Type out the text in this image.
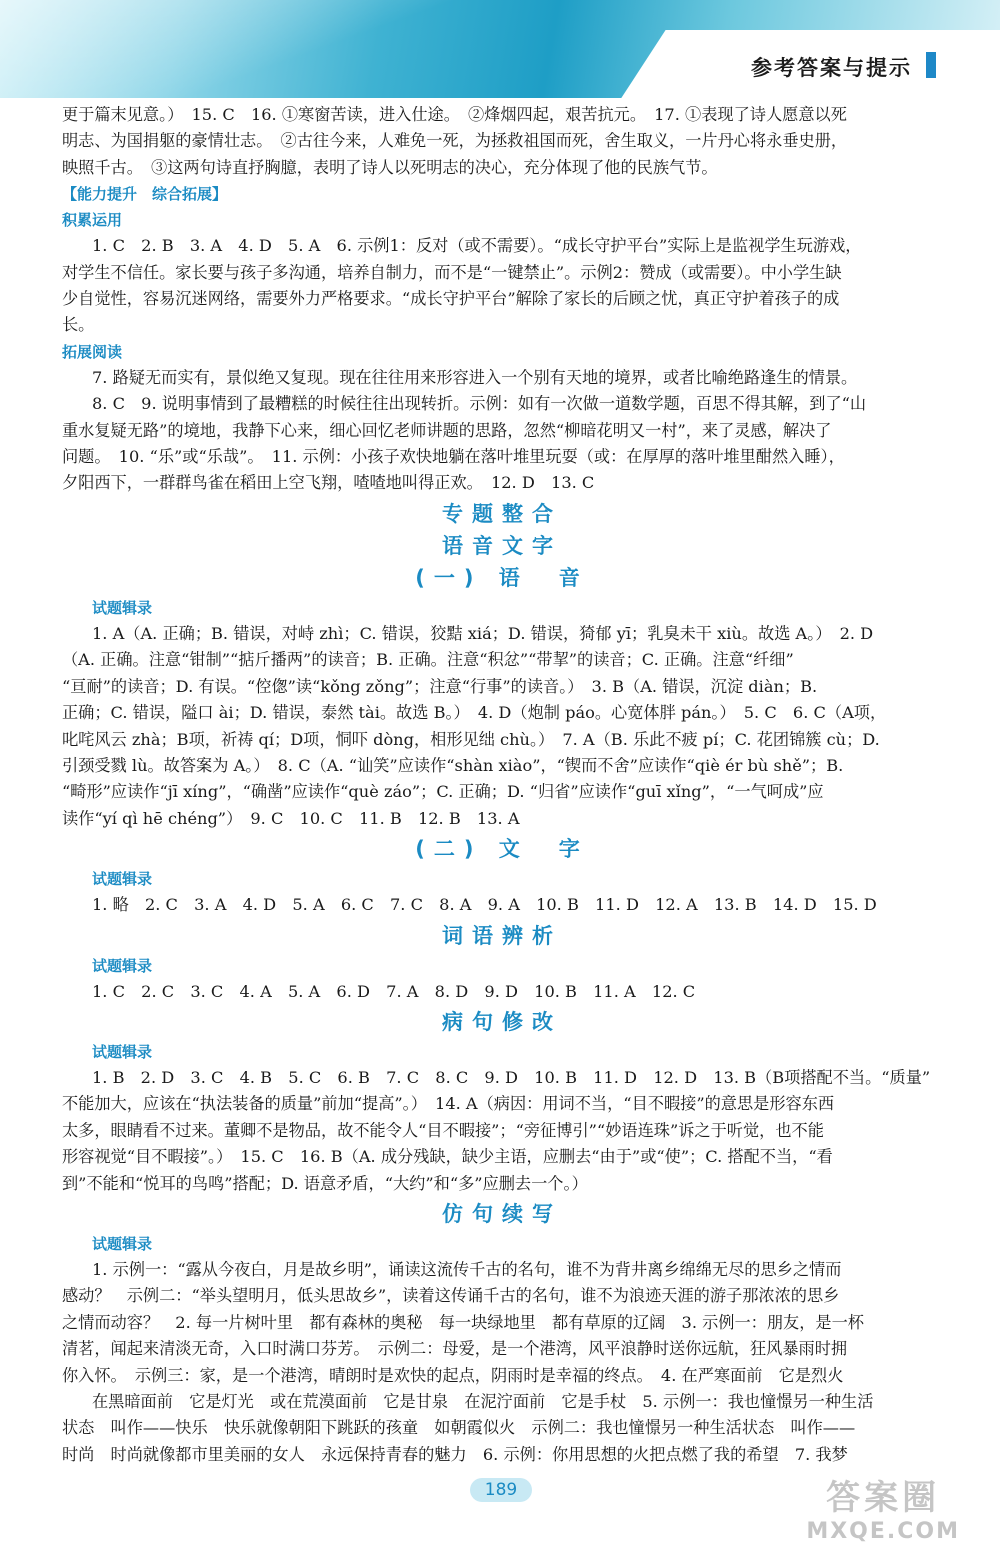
参考答案与提示

更于篇末见意。）　15. C　16. ①寒窗苦读，进入仕途。　②烽烟四起，艰苦抗元。　17. ①表现了诗人愿意以死

明志、为国捐躯的豪情壮志。　②古往今来，人难免一死，为拯救祖国而死，舍生取义，一片丹心将永垂史册，

映照千古。　③这两句诗直抒胸臆，表明了诗人以死明志的决心，充分体现了他的民族气节。

【能力提升　综合拓展】
积累运用

1. C　2. B　3. A　4. D　5. A　6. 示例1：反对（或不需要）。“成长守护平台”实际上是监视学生玩游戏，

对学生不信任。家长要与孩子多沟通，培养自制力，而不是“一键禁止”。示例2：赞成（或需要）。中小学生缺

少自觉性，容易沉迷网络，需要外力严格要求。“成长守护平台”解除了家长的后顾之忧，真正守护着孩子的成

长。

拓展阅读

7. 路疑无而实有，景似绝又复现。现在往往用来形容进入一个别有天地的境界，或者比喻绝路逢生的情景。

8. C　9. 说明事情到了最糟糕的时候往往出现转折。示例：如有一次做一道数学题，百思不得其解，到了“山

重水复疑无路”的境地，我静下心来，细心回忆老师讲题的思路，忽然“柳暗花明又一村”，来了灵感，解决了

问题。　10. “乐”或“乐哉”。　11. 示例：小孩子欢快地躺在落叶堆里玩耍（或：在厚厚的落叶堆里酣然入睡），

夕阳西下，一群群鸟雀在稻田上空飞翔，喳喳地叫得正欢。　12. D　13. C

专题整合
语音文字
(一) 语　音
试题辑录

1. A（A. 正确；B. 错误，对峙 zhì；C. 错误，狡黠 xiá；D. 错误，猗郁 yī；乳臭未干 xiù。故选 A。）　2. D

（A. 正确。注意“钳制”“掂斤播两”的读音；B. 正确。注意“积忿”“带挈”的读音；C. 正确。注意“纤细”

“亘耐”的读音；D. 有误。“倥偬”读“kǒng zǒng”；注意“行事”的读音。）　3. B（A. 错误，沉淀 diàn；B.

正确；C. 错误，隘口 ài；D. 错误，泰然 tài。故选 B。）　4. D（炮制 páo。心宽体胖 pán。）　5. C　6. C（A项，

叱咤风云 zhà；B项，祈祷 qí；D项，恫吓 dòng，相形见绌 chù。）　7. A（B. 乐此不疲 pí；C. 花团锦簇 cù；D.

引颈受戮 lù。故答案为 A。）　8. C（A. “讪笑”应读作“shàn xiào”，“锲而不舍”应读作“qiè ér bù shě”；B.

“畸形”应读作“jī xíng”，“确凿”应读作“què záo”；C. 正确；D. “归省”应读作“guī xǐng”，“一气呵成”应

读作“yí qì hē chéng”）　9. C　10. C　11. B　12. B　13. A

(二) 文　字
试题辑录

1. 略　2. C　3. A　4. D　5. A　6. C　7. C　8. A　9. A　10. B　11. D　12. A　13. B　14. D　15. D

词语辨析
试题辑录

1. C　2. C　3. C　4. A　5. A　6. D　7. A　8. D　9. D　10. B　11. A　12. C

病句修改
试题辑录

1. B　2. D　3. C　4. B　5. C　6. B　7. C　8. C　9. D　10. B　11. D　12. D　13. B（B项搭配不当。“质量”

不能加大，应该在“执法装备的质量”前加“提高”。）　14. A（病因：用词不当，“目不暇接”的意思是形容东西

太多，眼睛看不过来。董卿不是物品，故不能令人“目不暇接”；“旁征博引”“妙语连珠”诉之于听觉，也不能

形容视觉“目不暇接”。）　15. C　16. B（A. 成分残缺，缺少主语，应删去“由于”或“使”；C. 搭配不当，“看

到”不能和“悦耳的鸟鸣”搭配；D. 语意矛盾，“大约”和“多”应删去一个。）

仿句续写
试题辑录

1. 示例一：“露从今夜白，月是故乡明”，诵读这流传千古的名句，谁不为背井离乡绵绵无尽的思乡之情而

感动？　示例二：“举头望明月，低头思故乡”，读着这传诵千古的名句，谁不为浪迹天涯的游子那浓浓的思乡

之情而动容？　2. 每一片树叶里　都有森林的奥秘　每一块绿地里　都有草原的辽阔　3. 示例一：朋友，是一杯

清茗，闻起来清淡无奇，入口时满口芬芳。　示例二：母爱，是一个港湾，风平浪静时送你远航，狂风暴雨时拥

你入怀。　示例三：家，是一个港湾，晴朗时是欢快的起点，阴雨时是幸福的终点。　4. 在严寒面前　它是烈火

在黑暗面前　它是灯光　或在荒漠面前　它是甘泉　在泥泞面前　它是手杖　5. 示例一：我也憧憬另一种生活

状态　叫作——快乐　快乐就像朝阳下跳跃的孩童　如朝霞似火　示例二：我也憧憬另一种生活状态　叫作——

时尚　时尚就像都市里美丽的女人　永远保持青春的魅力　6. 示例：你用思想的火把点燃了我的希望　7. 我梦

189	答案圈
MXQE.COM
